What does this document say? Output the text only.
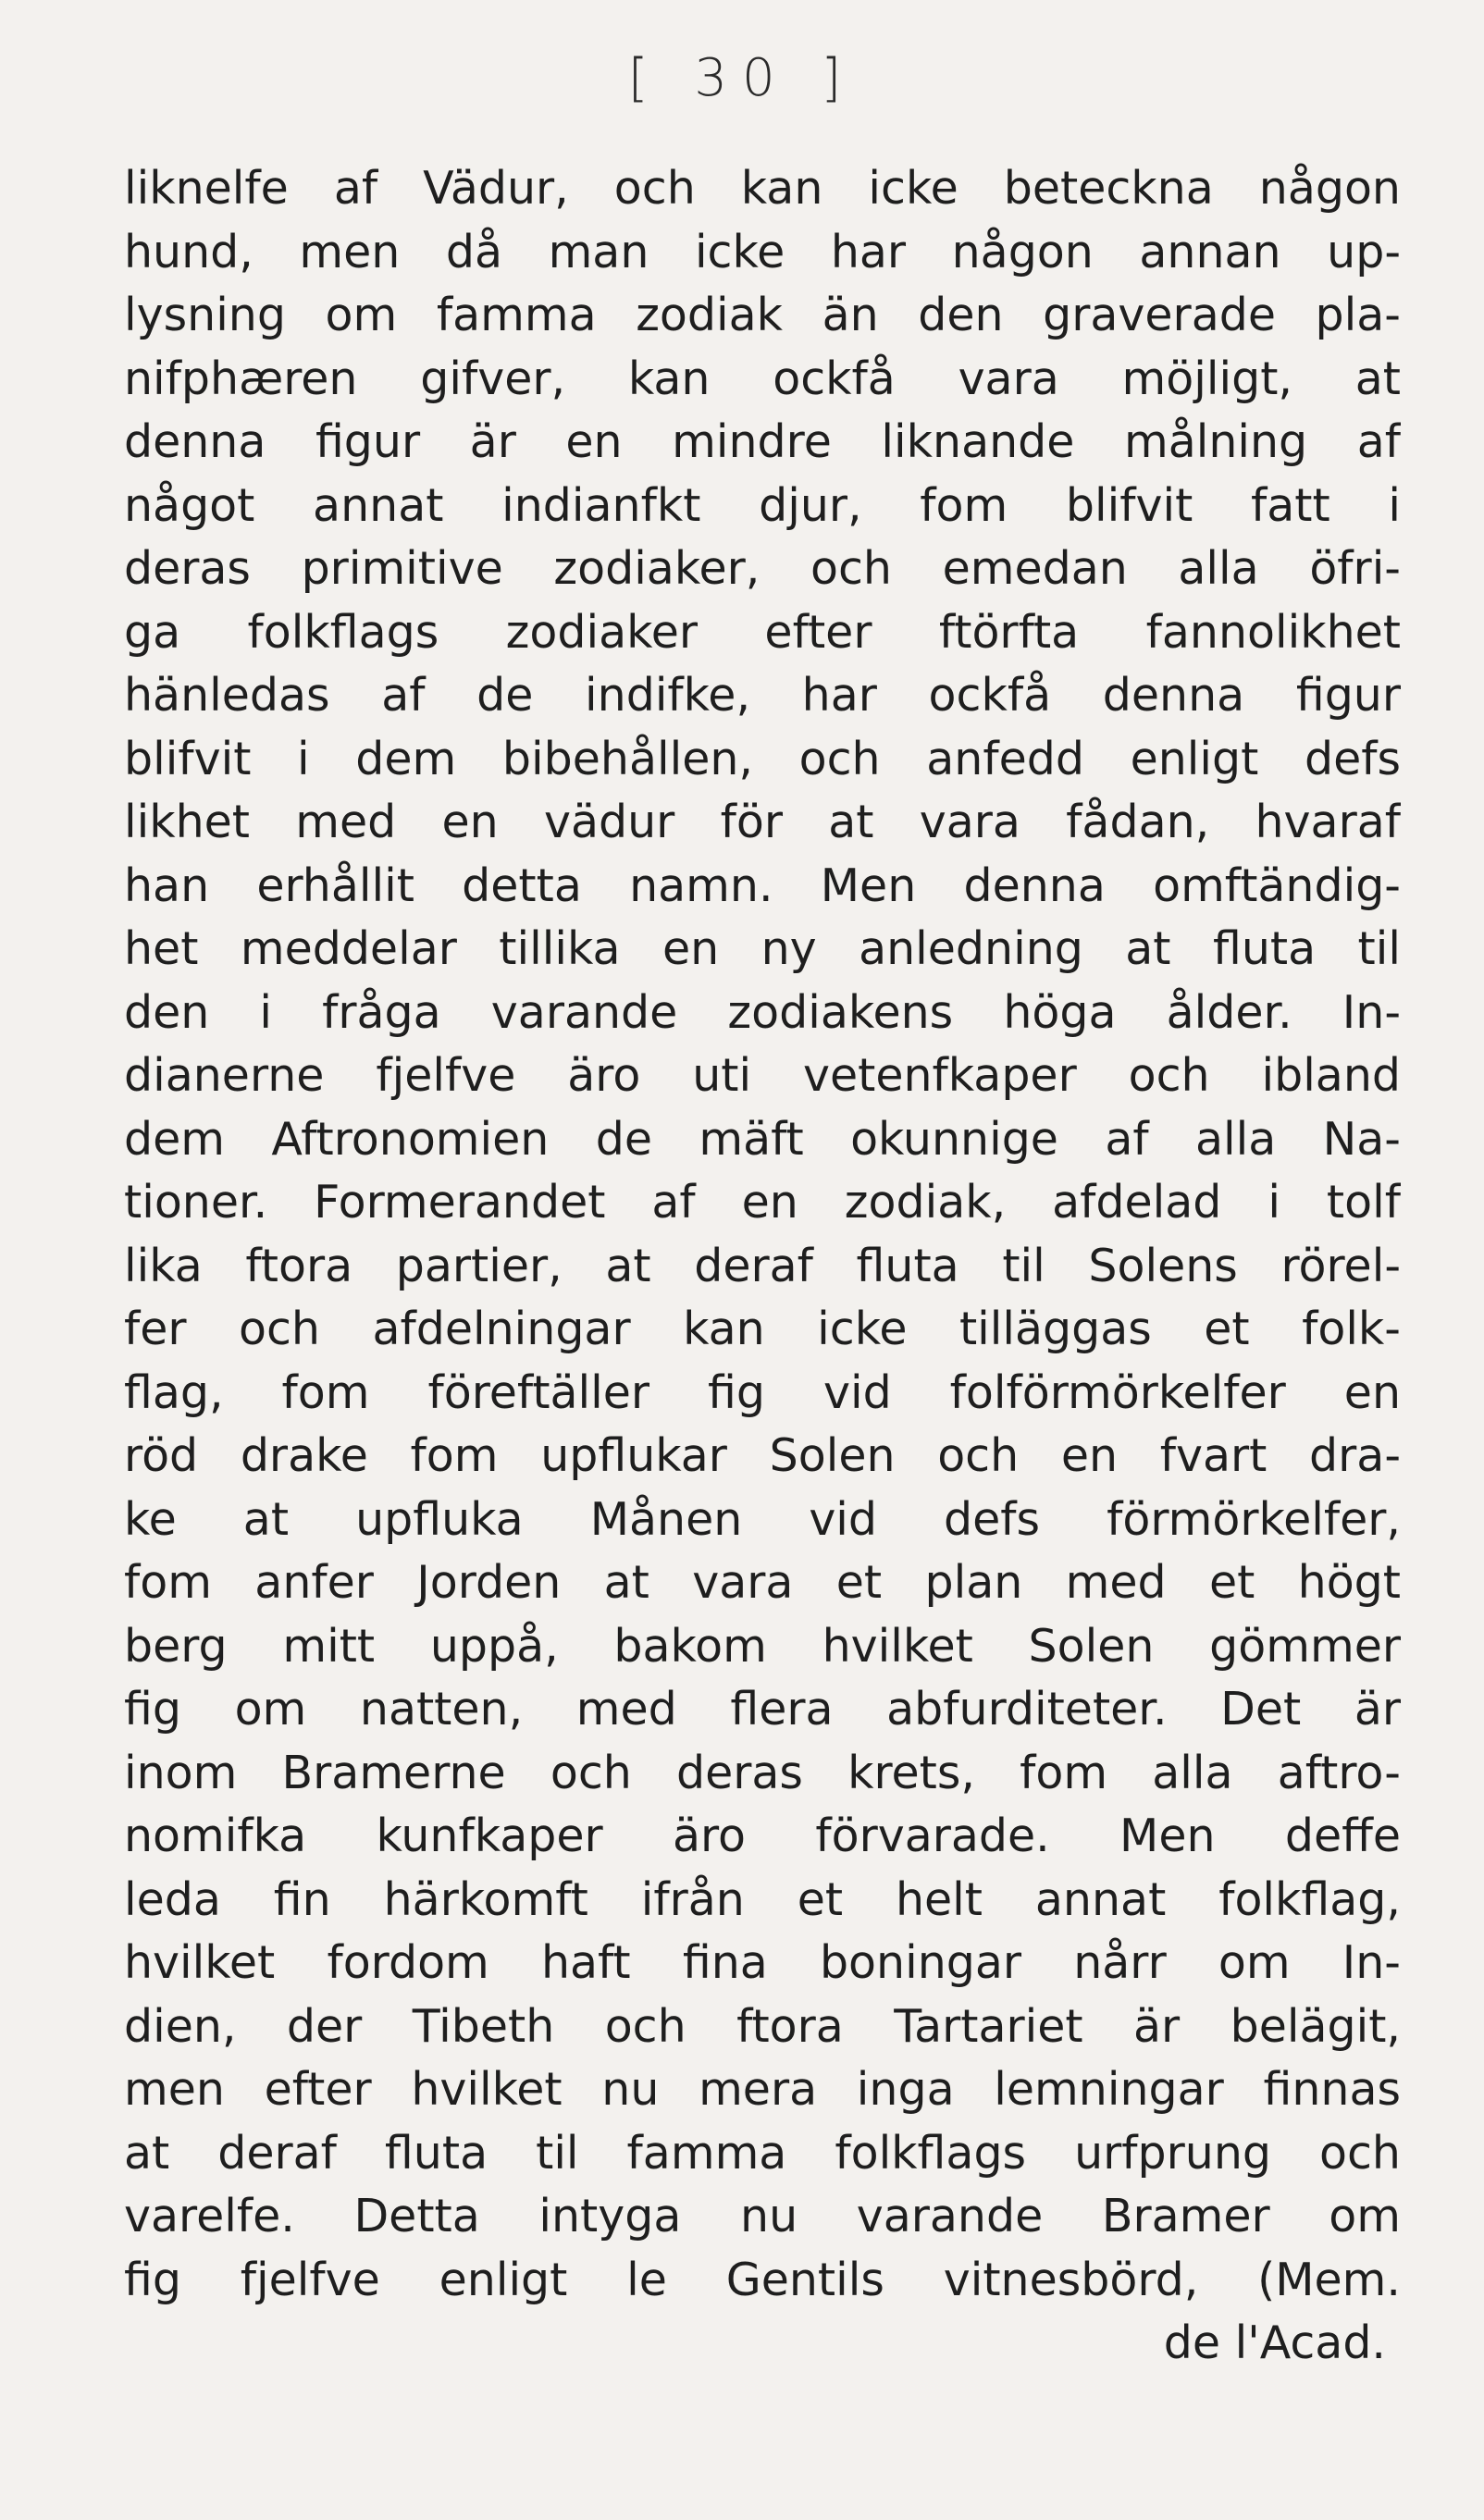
[ 30 ]
liknelfe af Vädur, och kan icke beteckna någon
hund, men då man icke har någon annan up-
lysning om famma zodiak än den graverade pla-
nifphæren gifver, kan ockfå vara möjligt, at
denna figur är en mindre liknande målning af
något annat indianfkt djur, fom blifvit fatt i
deras primitive zodiaker, och emedan alla öfri-
ga folkflags zodiaker efter ftörfta fannolikhet
hänledas af de indifke, har ockfå denna figur
blifvit i dem bibehållen, och anfedd enligt defs
likhet med en vädur för at vara fådan, hvaraf
han erhållit detta namn. Men denna omftändig-
het meddelar tillika en ny anledning at fluta til
den i fråga varande zodiakens höga ålder. In-
dianerne fjelfve äro uti vetenfkaper och ibland
dem Aftronomien de mäft okunnige af alla Na-
tioner. Formerandet af en zodiak, afdelad i tolf
lika ftora partier, at deraf fluta til Solens rörel-
fer och afdelningar kan icke tilläggas et folk-
flag, fom föreftäller fig vid folförmörkelfer en
röd drake fom upflukar Solen och en fvart dra-
ke at upfluka Månen vid defs förmörkelfer,
fom anfer Jorden at vara et plan med et högt
berg mitt uppå, bakom hvilket Solen gömmer
fig om natten, med flera abfurditeter. Det är
inom Bramerne och deras krets, fom alla aftro-
nomifka kunfkaper äro förvarade. Men deffe
leda fin härkomft ifrån et helt annat folkflag,
hvilket fordom haft fina boningar nårr om In-
dien, der Tibeth och ftora Tartariet är belägit,
men efter hvilket nu mera inga lemningar finnas
at deraf fluta til famma folkflags urfprung och
varelfe. Detta intyga nu varande Bramer om
fig fjelfve enligt le Gentils vitnesbörd, (Mem.
de l'Acad.
